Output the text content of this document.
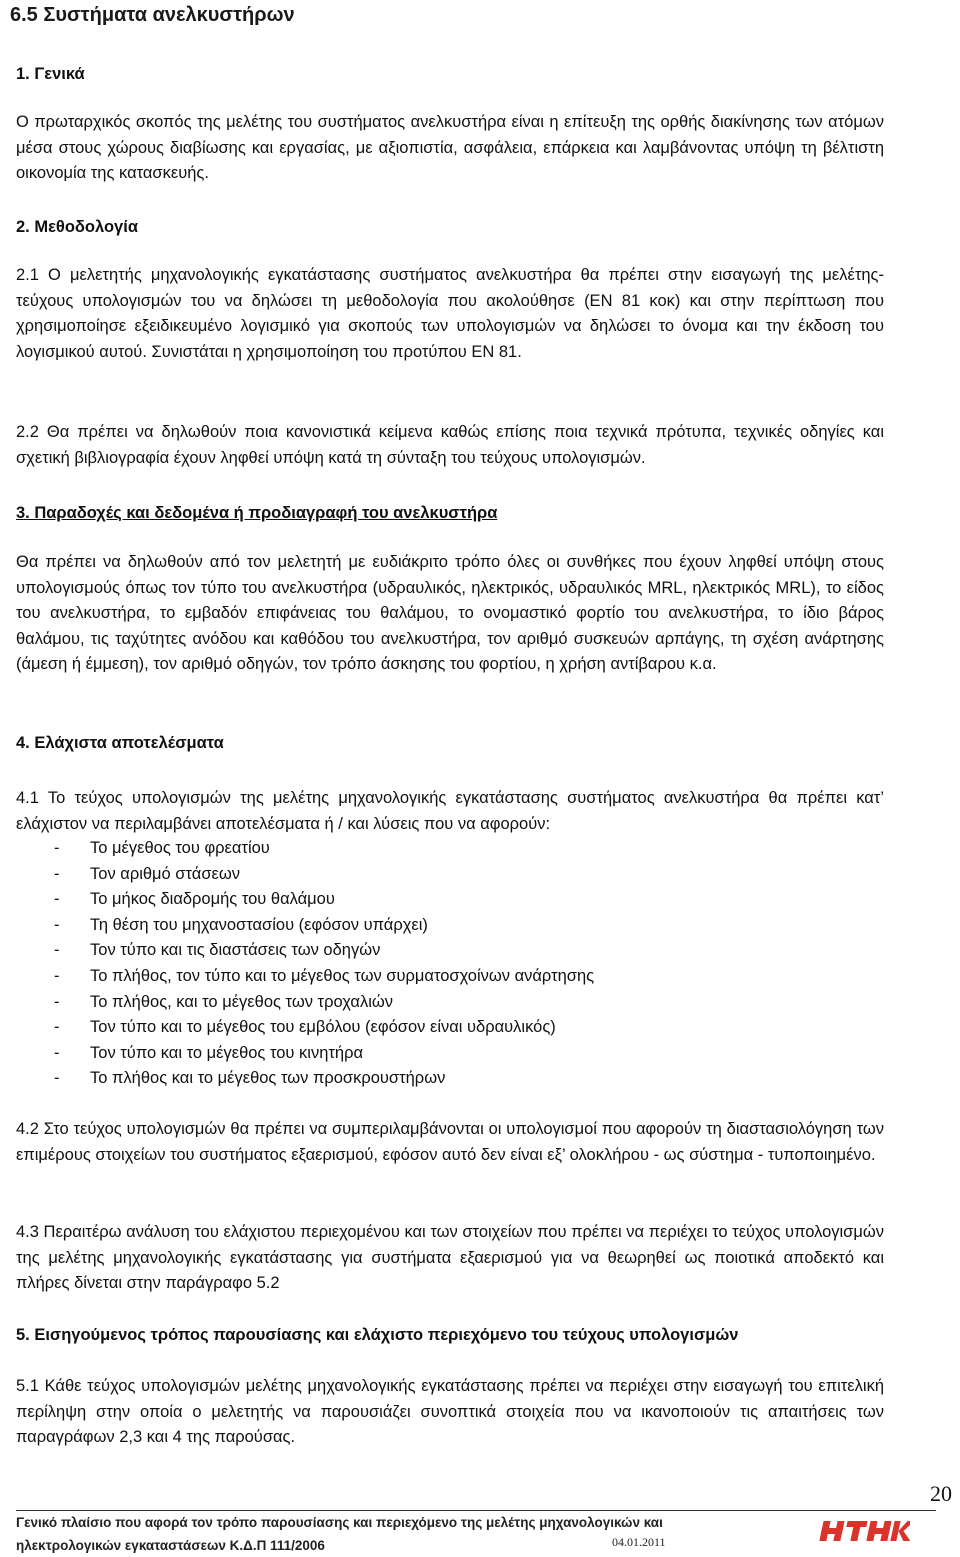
6.5 Συστήματα ανελκυστήρων
1. Γενικά
Ο πρωταρχικός σκοπός της μελέτης του συστήματος ανελκυστήρα είναι η επίτευξη της ορθής διακίνησης των ατόμων μέσα στους χώρους διαβίωσης και εργασίας, με αξιοπιστία, ασφάλεια, επάρκεια και λαμβάνοντας υπόψη τη βέλτιστη οικονομία της κατασκευής.
2. Μεθοδολογία
2.1 Ο μελετητής μηχανολογικής εγκατάστασης συστήματος ανελκυστήρα θα πρέπει στην εισαγωγή της μελέτης-τεύχους υπολογισμών του να δηλώσει τη μεθοδολογία που ακολούθησε (EN 81 κοκ) και στην περίπτωση που χρησιμοποίησε εξειδικευμένο λογισμικό για σκοπούς των υπολογισμών να δηλώσει το όνομα και την έκδοση του λογισμικού αυτού. Συνιστάται η χρησιμοποίηση του προτύπου EN 81.
2.2 Θα πρέπει να δηλωθούν ποια κανονιστικά κείμενα καθώς επίσης ποια τεχνικά πρότυπα, τεχνικές οδηγίες και σχετική βιβλιογραφία έχουν ληφθεί υπόψη κατά τη σύνταξη του τεύχους υπολογισμών.
3. Παραδοχές και δεδομένα ή προδιαγραφή του ανελκυστήρα
Θα πρέπει να δηλωθούν από τον μελετητή με ευδιάκριτο τρόπο όλες οι συνθήκες που έχουν ληφθεί υπόψη στους υπολογισμούς όπως τον τύπο του ανελκυστήρα (υδραυλικός, ηλεκτρικός, υδραυλικός MRL, ηλεκτρικός MRL), το είδος του ανελκυστήρα, το εμβαδόν επιφάνειας του θαλάμου, το ονομαστικό φορτίο του ανελκυστήρα, το ίδιο βάρος θαλάμου, τις ταχύτητες ανόδου και καθόδου του ανελκυστήρα, τον αριθμό συσκευών αρπάγης, τη σχέση ανάρτησης (άμεση ή έμμεση), τον αριθμό οδηγών, τον τρόπο άσκησης του φορτίου, η χρήση αντίβαρου κ.α.
4. Ελάχιστα αποτελέσματα
4.1 Το τεύχος υπολογισμών της μελέτης μηχανολογικής εγκατάστασης συστήματος ανελκυστήρα θα πρέπει κατ’ ελάχιστον να περιλαμβάνει αποτελέσματα ή / και λύσεις που να αφορούν:
- Το μέγεθος του φρεατίου
- Τον αριθμό στάσεων
- Το μήκος διαδρομής του θαλάμου
- Τη θέση του μηχανοστασίου (εφόσον υπάρχει)
- Τον τύπο και τις διαστάσεις των οδηγών
- Το πλήθος, τον τύπο και το μέγεθος των συρματοσχοίνων ανάρτησης
- Το πλήθος, και το μέγεθος των τροχαλιών
- Τον τύπο και το μέγεθος του εμβόλου (εφόσον είναι υδραυλικός)
- Τον τύπο και το μέγεθος του κινητήρα
- Το πλήθος και το μέγεθος των προσκρουστήρων
4.2 Στο τεύχος υπολογισμών θα πρέπει να συμπεριλαμβάνονται οι υπολογισμοί που αφορούν τη διαστασιολόγηση των επιμέρους στοιχείων του συστήματος εξαερισμού, εφόσον αυτό δεν είναι εξ’ ολοκλήρου - ως σύστημα - τυποποιημένο.
4.3 Περαιτέρω ανάλυση του ελάχιστου περιεχομένου και των στοιχείων που πρέπει να περιέχει το τεύχος υπολογισμών της μελέτης μηχανολογικής εγκατάστασης για συστήματα εξαερισμού για να θεωρηθεί ως ποιοτικά αποδεκτό και πλήρες δίνεται στην παράγραφο 5.2
5. Εισηγούμενος τρόπος παρουσίασης και ελάχιστο περιεχόμενο του τεύχους υπολογισμών
5.1 Κάθε τεύχος υπολογισμών μελέτης μηχανολογικής εγκατάστασης πρέπει να περιέχει στην εισαγωγή του επιτελική περίληψη στην οποία ο μελετητής να παρουσιάζει συνοπτικά στοιχεία που να ικανοποιούν τις απαιτήσεις των παραγράφων 2,3 και 4 της παρούσας.
20
Γενικό πλαίσιο που αφορά τον τρόπο παρουσίασης και περιεχόμενο της μελέτης μηχανολογικών και ηλεκτρολογικών εγκαταστάσεων Κ.Δ.Π 111/2006	04.01.2011
